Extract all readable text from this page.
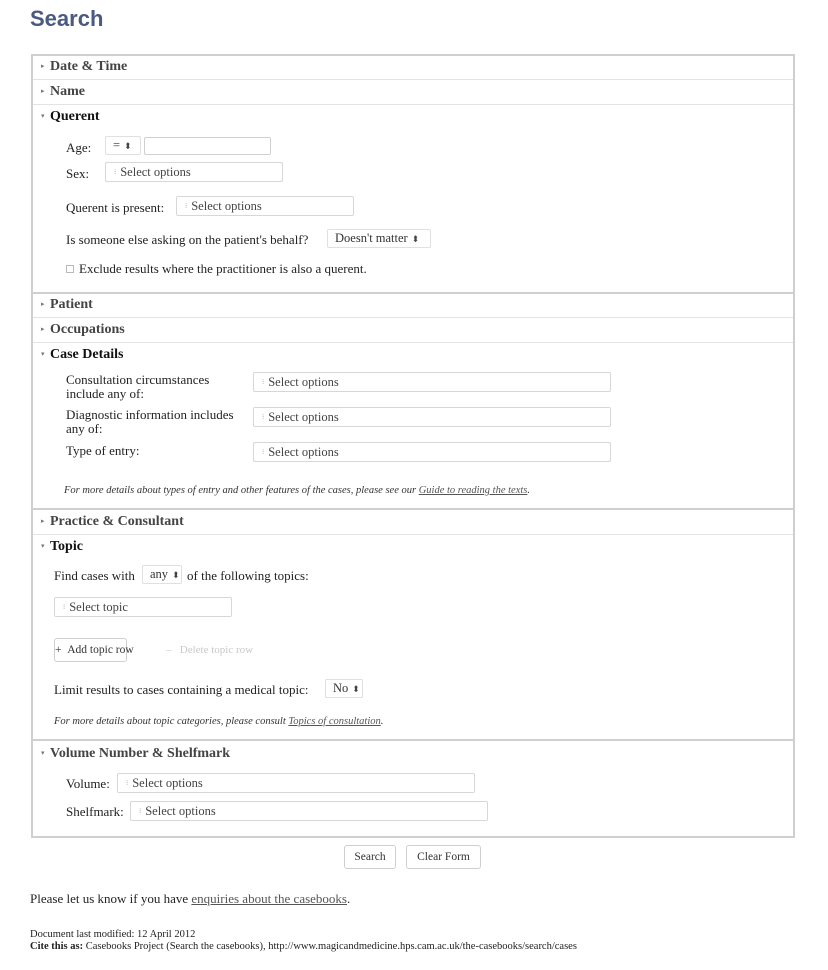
Search
▸ Date & Time
▸ Name
▾ Querent
Age:	= ⬍
Sex:	⁝ Select options
Querent is present:	⁝ Select options
Is someone else asking on the patient's behalf?	Doesn't matter ⬍
Exclude results where the practitioner is also a querent.
▸ Patient
▸ Occupations
▾ Case Details
Consultation circumstances include any of:
⁝ Select options
Diagnostic information includes any of:
⁝ Select options
Type of entry:	⁝ Select options
For more details about types of entry and other features of the cases, please see our Guide to reading the texts.
▸ Practice & Consultant
▾ Topic
Find cases with	any ⬍ of the following topics:
⁝ Select topic
+ Add topic row	– Delete topic row
Limit results to cases containing a medical topic:	No ⬍
For more details about topic categories, please consult Topics of consultation.
▾ Volume Number & Shelfmark
Volume:	⁝ Select options
Shelfmark:	⁝ Select options
Search	Clear Form
Please let us know if you have enquiries about the casebooks.
Document last modified: 12 April 2012
Cite this as: Casebooks Project (Search the casebooks), http://www.magicandmedicine.hps.cam.ac.uk/the-casebooks/search/cases
